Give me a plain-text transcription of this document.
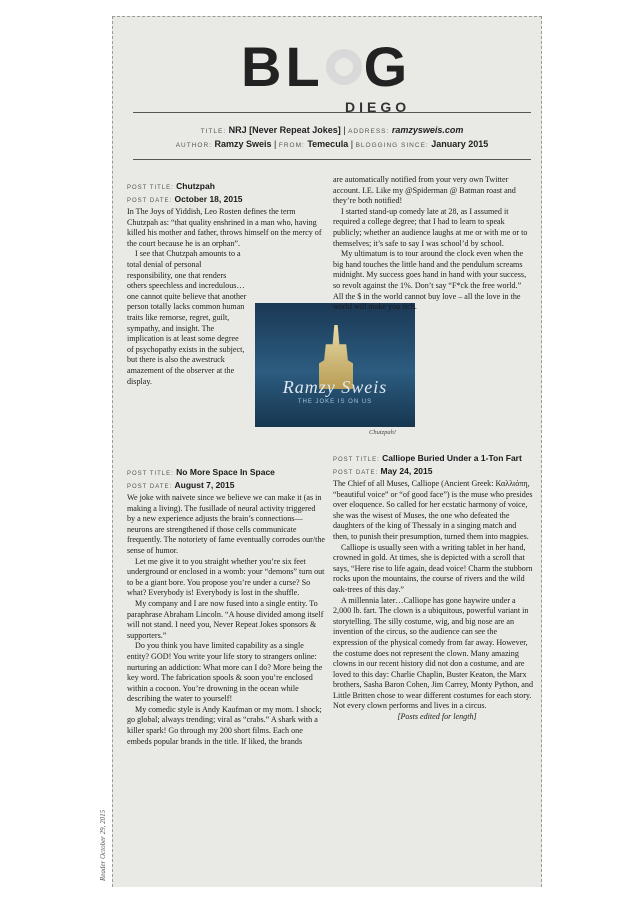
BL G
DIEGO
TITLE: NRJ [Never Repeat Jokes] | ADDRESS: ramzysweis.com
AUTHOR: Ramzy Sweis | FROM: Temecula | BLOGGING SINCE: January 2015
POST TITLE: Chutzpah
POST DATE: October 18, 2015

In The Joys of Yiddish, Leo Rosten defines the term Chutzpah as: “that quality enshrined in a man who, having killed his mother and father, throws himself on the mercy of the court because he is an orphan”.

I see that Chutzpah amounts to a total denial of personal responsibility, one that renders others speechless and incredulous…one cannot quite believe that another person totally lacks common human traits like remorse, regret, guilt, sympathy, and insight. The implication is at least some degree of psychopathy exists in the subject, but there is also the awestruck amazement of the observer at the display.	Ramzy Sweis
THE JOKE IS ON US
Chutzpah!

are automatically notified from your very own Twitter account. I.E. Like my @Spiderman @ Batman roast and they’re both notified!

I started stand-up comedy late at 28, as I assumed it required a college degree; that I had to learn to speak publicly; whether an audience laughs at me or with me or to themselves; it’s safe to say I was school’d by school.

My ultimatum is to tour around the clock even when the big hand touches the little hand and the pendulum screams midnight. My success goes hand in hand with your success, so revolt against the 1%. Don’t say “F*ck the free world.” All the $ in the world cannot buy love – all the love in the world will make you rich.

POST TITLE: No More Space In Space
POST DATE: August 7, 2015

We joke with naivete since we believe we can make it (as in making a living). The fusillade of neural activity triggered by a new experience adjusts the brain’s connections—neurons are strengthened if those cells communicate frequently. The notoriety of fame eventually corrodes our/the sense of humor.

Let me give it to you straight whether you’re six feet underground or enclosed in a womb: your “demons” turn out to be a giant bore. You propose you’re under a curse? So what? Everybody is! Everybody is lost in the shuffle.

My company and I are now fused into a single entity. To paraphrase Abraham Lincoln. “A house divided among itself will not stand. I need you, Never Repeat Jokes sponsors & supporters.”

Do you think you have limited capability as a single entity? GOD! You write your life story to strangers online: nurturing an addiction: What more can I do? More being the key word. The fabrication spools & soon you’re enclosed within a cocoon. You’re drowning in the ocean while describing the water to yourself!

My comedic style is Andy Kaufman or my mom. I shock; go global; always trending; viral as “crabs.” A shark with a killer spark! Go through my 200 short films. Each one embeds popular brands in the title. If liked, the brands

POST TITLE: Calliope Buried Under a 1-Ton Fart
POST DATE: May 24, 2015

The Chief of all Muses, Calliope (Ancient Greek: Καλλιόπη, “beautiful voice” or “of good face”) is the muse who presides over eloquence. So called for her ecstatic harmony of voice, she was the wisest of Muses, the one who defeated the daughters of the king of Thessaly in a singing match and then, to punish their presumption, turned them into magpies.

Calliope is usually seen with a writing tablet in her hand, crowned in gold. At times, she is depicted with a scroll that says, “Here rise to life again, dead voice! Charm the stubborn rocks upon the mountains, the course of rivers and the wild oak-trees of this day.”

A millennia later…Calliope has gone haywire under a 2,000 lb. fart. The clown is a ubiquitous, powerful variant in storytelling. The silly costume, wig, and big nose are an invention of the circus, so the audience can see the expression of the physical comedy from far away. However, the costume does not represent the clown. Many amazing clowns in our recent history did not don a costume, and are loved to this day: Charlie Chaplin, Buster Keaton, the Marx brothers, Sasha Baron Cohen, Jim Carrey, Monty Python, and Little Britten chose to wear different costumes for each story. Not every clown performs and lives in a circus.

[Posts edited for length]

Reader October 29, 2015
